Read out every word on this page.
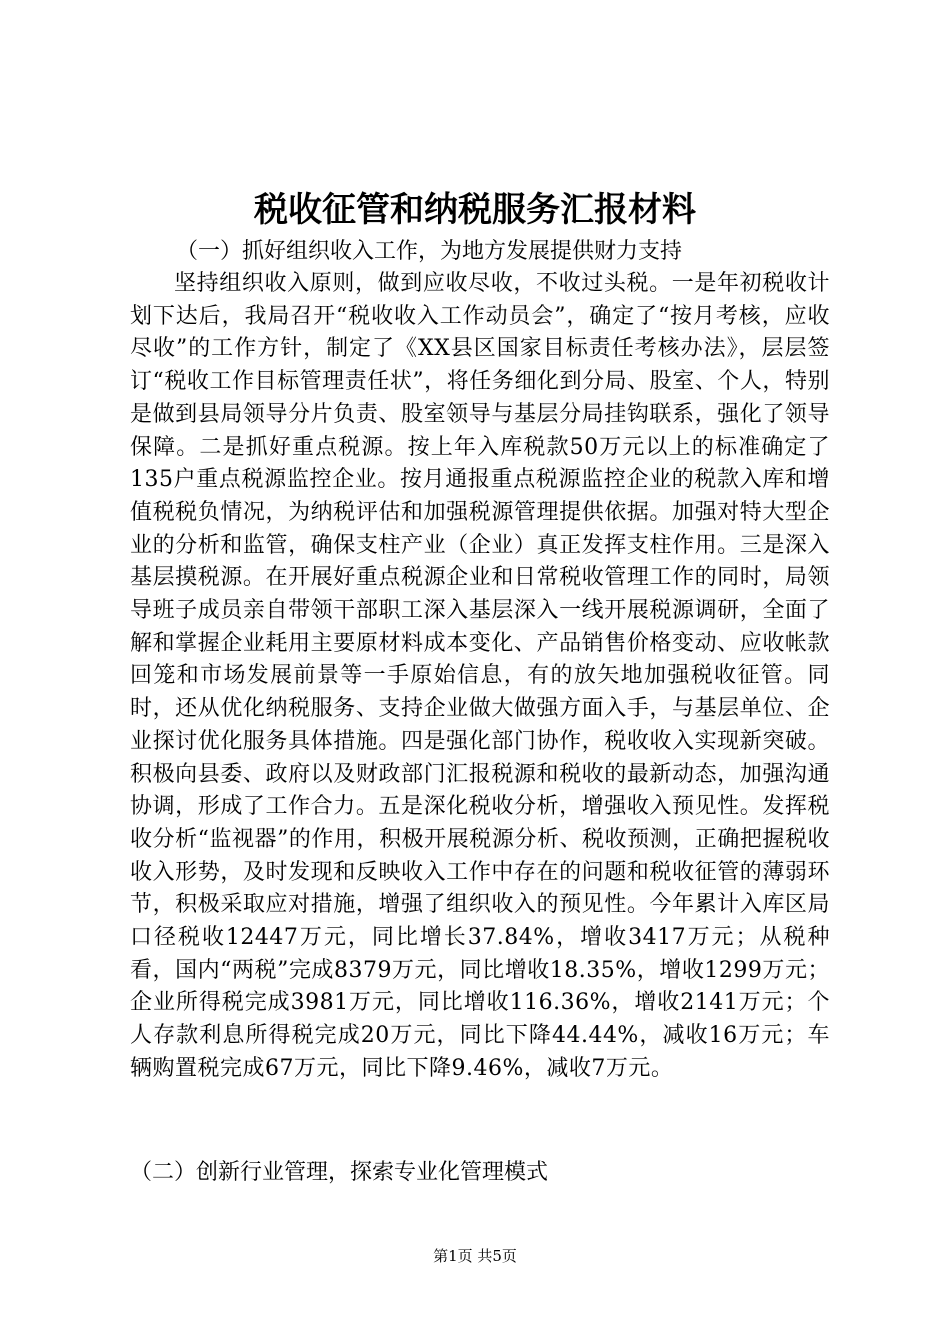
税收征管和纳税服务汇报材料

（一）抓好组织收入工作，为地方发展提供财力支持

坚持组织收入原则，做到应收尽收，不收过头税。一是年初税收计划下达后，我局召开“税收收入工作动员会”，确定了“按月考核，应收尽收”的工作方针，制定了《XX县区国家目标责任考核办法》，层层签订“税收工作目标管理责任状”，将任务细化到分局、股室、个人，特别是做到县局领导分片负责、股室领导与基层分局挂钩联系，强化了领导保障。二是抓好重点税源。按上年入库税款50万元以上的标准确定了135户重点税源监控企业。按月通报重点税源监控企业的税款入库和增值税税负情况，为纳税评估和加强税源管理提供依据。加强对特大型企业的分析和监管，确保支柱产业（企业）真正发挥支柱作用。三是深入基层摸税源。在开展好重点税源企业和日常税收管理工作的同时，局领导班子成员亲自带领干部职工深入基层深入一线开展税源调研，全面了解和掌握企业耗用主要原材料成本变化、产品销售价格变动、应收帐款回笼和市场发展前景等一手原始信息，有的放矢地加强税收征管。同时，还从优化纳税服务、支持企业做大做强方面入手，与基层单位、企业探讨优化服务具体措施。四是强化部门协作，税收收入实现新突破。积极向县委、政府以及财政部门汇报税源和税收的最新动态，加强沟通协调，形成了工作合力。五是深化税收分析，增强收入预见性。发挥税收分析“监视器”的作用，积极开展税源分析、税收预测，正确把握税收收入形势，及时发现和反映收入工作中存在的问题和税收征管的薄弱环节，积极采取应对措施，增强了组织收入的预见性。今年累计入库区局口径税收12447万元，同比增长37.84%，增收3417万元；从税种看，国内“两税”完成8379万元，同比增收18.35%，增收1299万元；企业所得税完成3981万元，同比增收116.36%，增收2141万元；个人存款利息所得税完成20万元，同比下降44.44%，减收16万元；车辆购置税完成67万元，同比下降9.46%，减收7万元。

（二）创新行业管理，探索专业化管理模式

第1页 共5页
